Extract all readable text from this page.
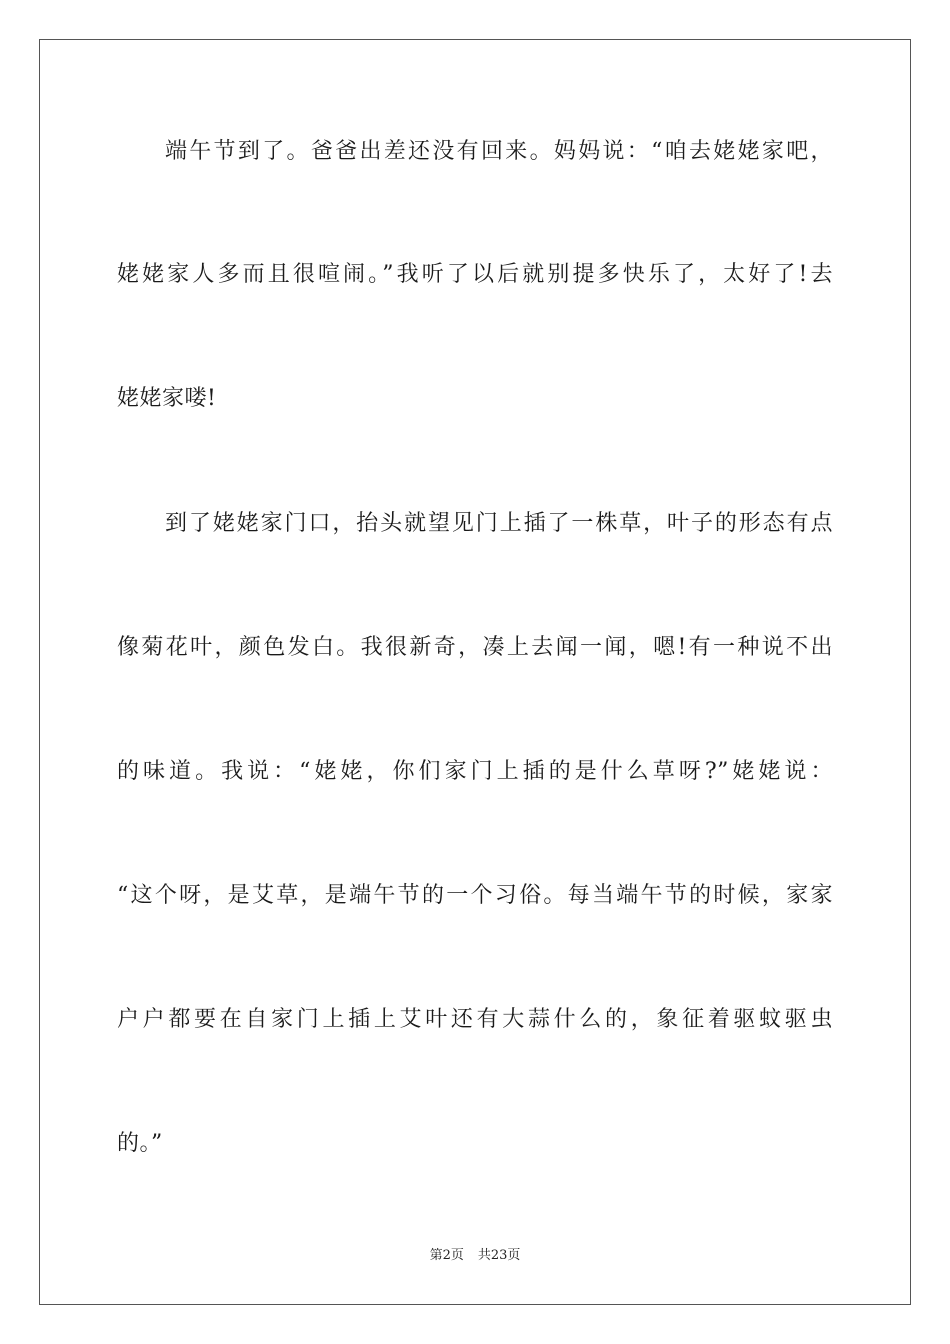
端午节到了。爸爸出差还没有回来。妈妈说：“咱去姥姥家吧，
姥姥家人多而且很喧闹。”我听了以后就别提多快乐了，太好了!去
姥姥家喽!
到了姥姥家门口，抬头就望见门上插了一株草，叶子的形态有点
像菊花叶，颜色发白。我很新奇，凑上去闻一闻，嗯!有一种说不出
的味道。我说：“姥姥，你们家门上插的是什么草呀?”姥姥说：
“这个呀，是艾草，是端午节的一个习俗。每当端午节的时候，家家
户户都要在自家门上插上艾叶还有大蒜什么的，象征着驱蚊驱虫
的。”
第2页 共23页
